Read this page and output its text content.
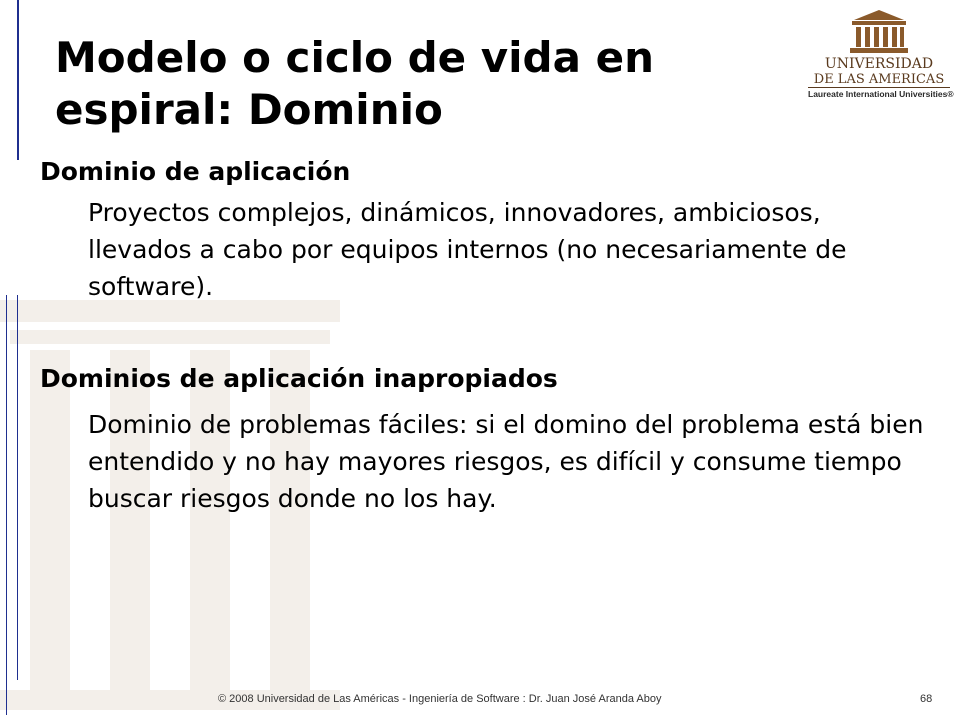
Modelo o ciclo de vida en espiral: Dominio
UNIVERSIDAD
DE LAS AMERICAS
Laureate International Universities®
Dominio de aplicación

Proyectos complejos, dinámicos, innovadores, ambiciosos, llevados a cabo por equipos internos (no necesariamente de software).

Dominios de aplicación inapropiados

Dominio de problemas fáciles: si el domino del problema está bien entendido y no hay mayores riesgos, es difícil y consume tiempo buscar riesgos donde no los hay.

© 2008 Universidad de Las Américas - Ingeniería de Software : Dr. Juan José Aranda Aboy	68
